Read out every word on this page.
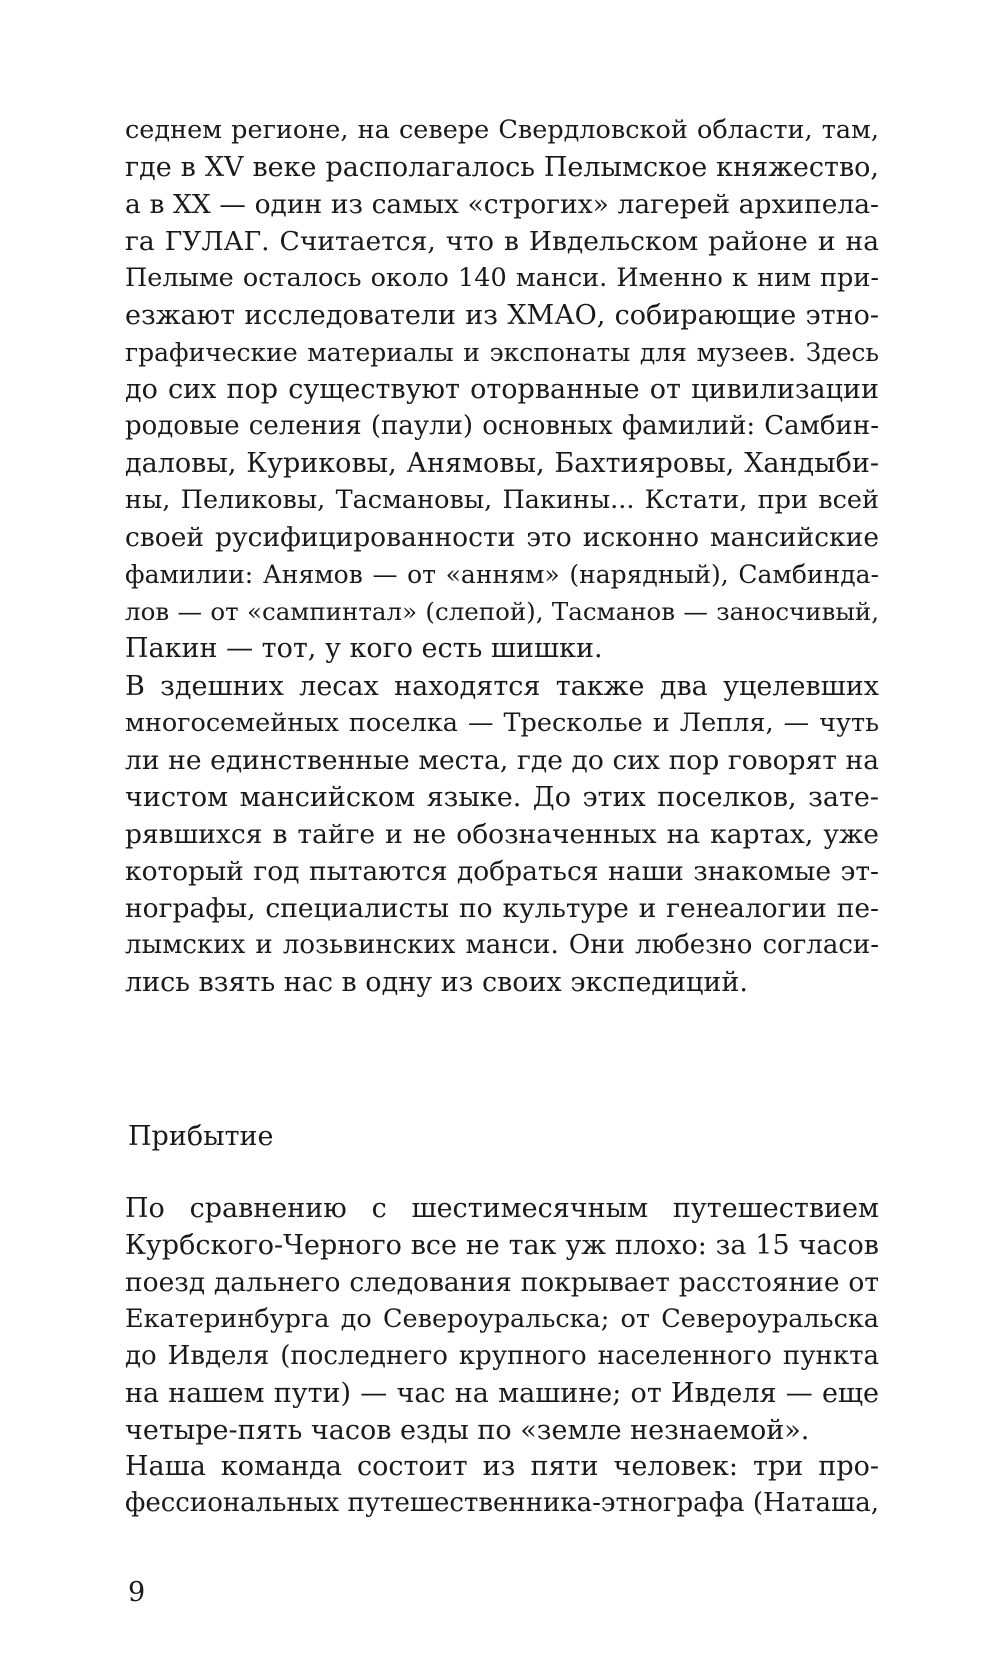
седнем регионе, на севере Свердловской области, там,
где в XV веке располагалось Пелымское княжество,
а в XX — один из самых «строгих» лагерей архипела-
га ГУЛАГ. Считается, что в Ивдельском районе и на
Пелыме осталось около 140 манси. Именно к ним при-
езжают исследователи из ХМАО, собирающие этно-
графические материалы и экспонаты для музеев. Здесь
до сих пор существуют оторванные от цивилизации
родовые селения (паули) основных фамилий: Самбин-
даловы, Куриковы, Анямовы, Бахтияровы, Хандыби-
ны, Пеликовы, Тасмановы, Пакины... Кстати, при всей
своей русифицированности это исконно мансийские
фамилии: Анямов — от «анням» (нарядный), Самбинда-
лов — от «сампинтал» (слепой), Тасманов — заносчивый,
Пакин — тот, у кого есть шишки.
В здешних лесах находятся также два уцелевших
многосемейных поселка — Трескольe и Лепля, — чуть
ли не единственные места, где до сих пор говорят на
чистом мансийском языке. До этих поселков, зате-
рявшихся в тайге и не обозначенных на картах, уже
который год пытаются добраться наши знакомые эт-
нографы, специалисты по культуре и генеалогии пе-
лымских и лозьвинских манси. Они любезно согласи-
лись взять нас в одну из своих экспедиций.
Прибытие
По сравнению с шестимесячным путешествием
Курбского-Черного все не так уж плохо: за 15 часов
поезд дальнего следования покрывает расстояние от
Екатеринбурга до Североуральска; от Североуральска
до Ивделя (последнего крупного населенного пункта
на нашем пути) — час на машине; от Ивделя — еще
четыре-пять часов езды по «земле незнаемой».
Наша команда состоит из пяти человек: три про-
фессиональных путешественника-этнографа (Наташа,
9
